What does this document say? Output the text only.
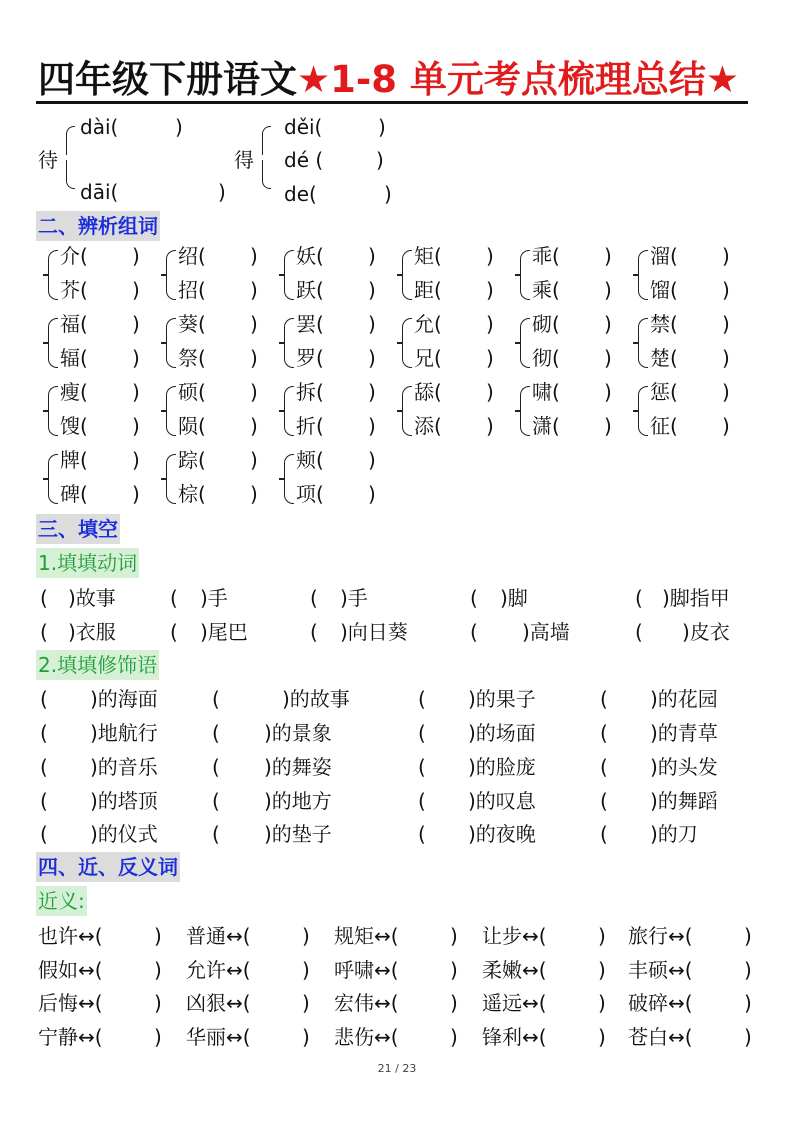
四年级下册语文★1-8 单元考点梳理总结★
待
dài(	)
dāi(	)
得
děi(	)
dé (	)
de(	)
二、辨析组词
介( )
芥( )
绍( )
招( )
妖( )
跃( )
矩( )
距( )
乖( )
乘( )
溜( )
馏( )
福( )
辐( )
葵( )
祭( )
罢( )
罗( )
允( )
兄( )
砌( )
彻( )
禁( )
楚( )
瘦( )
馊( )
硕( )
陨( )
拆( )
折( )
舔( )
添( )
啸( )
潇( )
惩( )
征( )
牌( )
碑( )
踪( )
棕( )
颊( )
项( )
三、填空
1.填填动词
( )故事	( )手	( )手	( )脚	( )脚指甲
( )衣服	( )尾巴	( )向日葵	( )高墙	( )皮衣
2.填填修饰语
( )的海面	(	)的故事	( )的果子	( )的花园
( )地航行	( )的景象	( )的场面	( )的青草
( )的音乐	( )的舞姿	( )的脸庞	( )的头发
( )的塔顶	( )的地方	( )的叹息	( )的舞蹈
( )的仪式	( )的垫子	( )的夜晚	( )的刀
四、近、反义词
近义:
也许↔(	) 普通↔(	) 规矩↔(	) 让步↔(	) 旅行↔(	)
假如↔(	) 允许↔(	) 呼啸↔(	) 柔嫩↔(	) 丰硕↔(	)
后悔↔(	) 凶狠↔(	) 宏伟↔(	) 遥远↔(	) 破碎↔(	)
宁静↔(	) 华丽↔(	) 悲伤↔(	) 锋利↔(	) 苍白↔(	)
21 / 23
